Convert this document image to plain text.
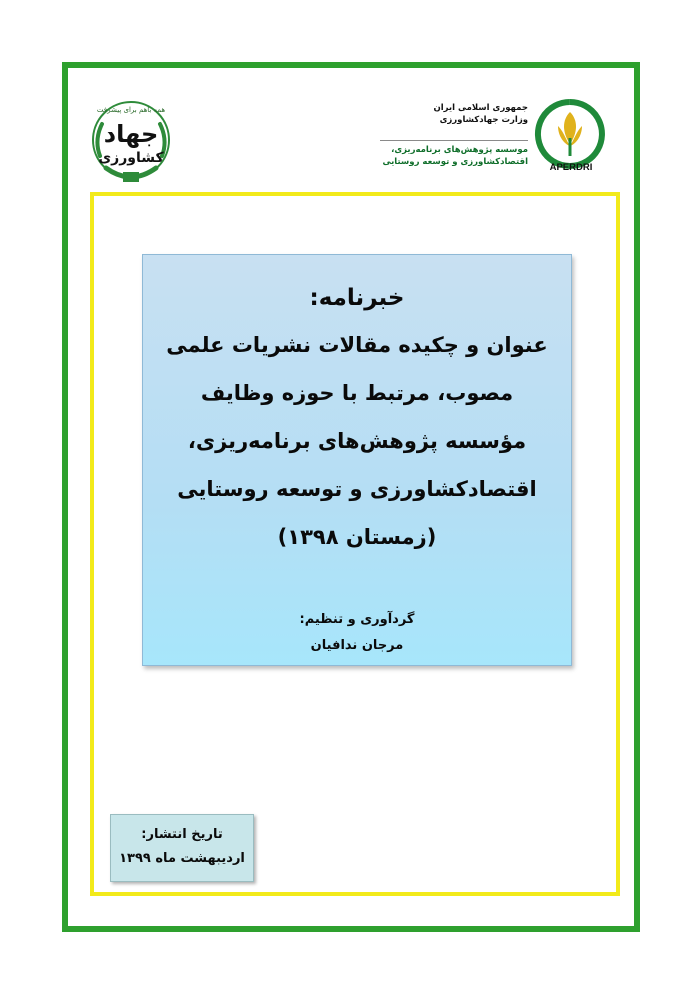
همه باهم برای پیشرفت
جهاد
کشاورزی
جمهوری اسلامی ایران
وزارت جهادکشاورزی
موسسه پژوهش‌های برنامه‌ریزی،
اقتصادکشاورزی و توسعه روستایی	APERDRI
خبرنامه:
عنوان و چکیده مقالات نشریات علمی
مصوب، مرتبط با حوزه وظایف
مؤسسه پژوهش‌های برنامه‌ریزی،
اقتصادکشاورزی و توسعه روستایی
(زمستان ۱۳۹۸)
گردآوری و تنظیم:
مرجان ندافیان
تاریخ انتشار:
اردیبهشت ماه ۱۳۹۹
